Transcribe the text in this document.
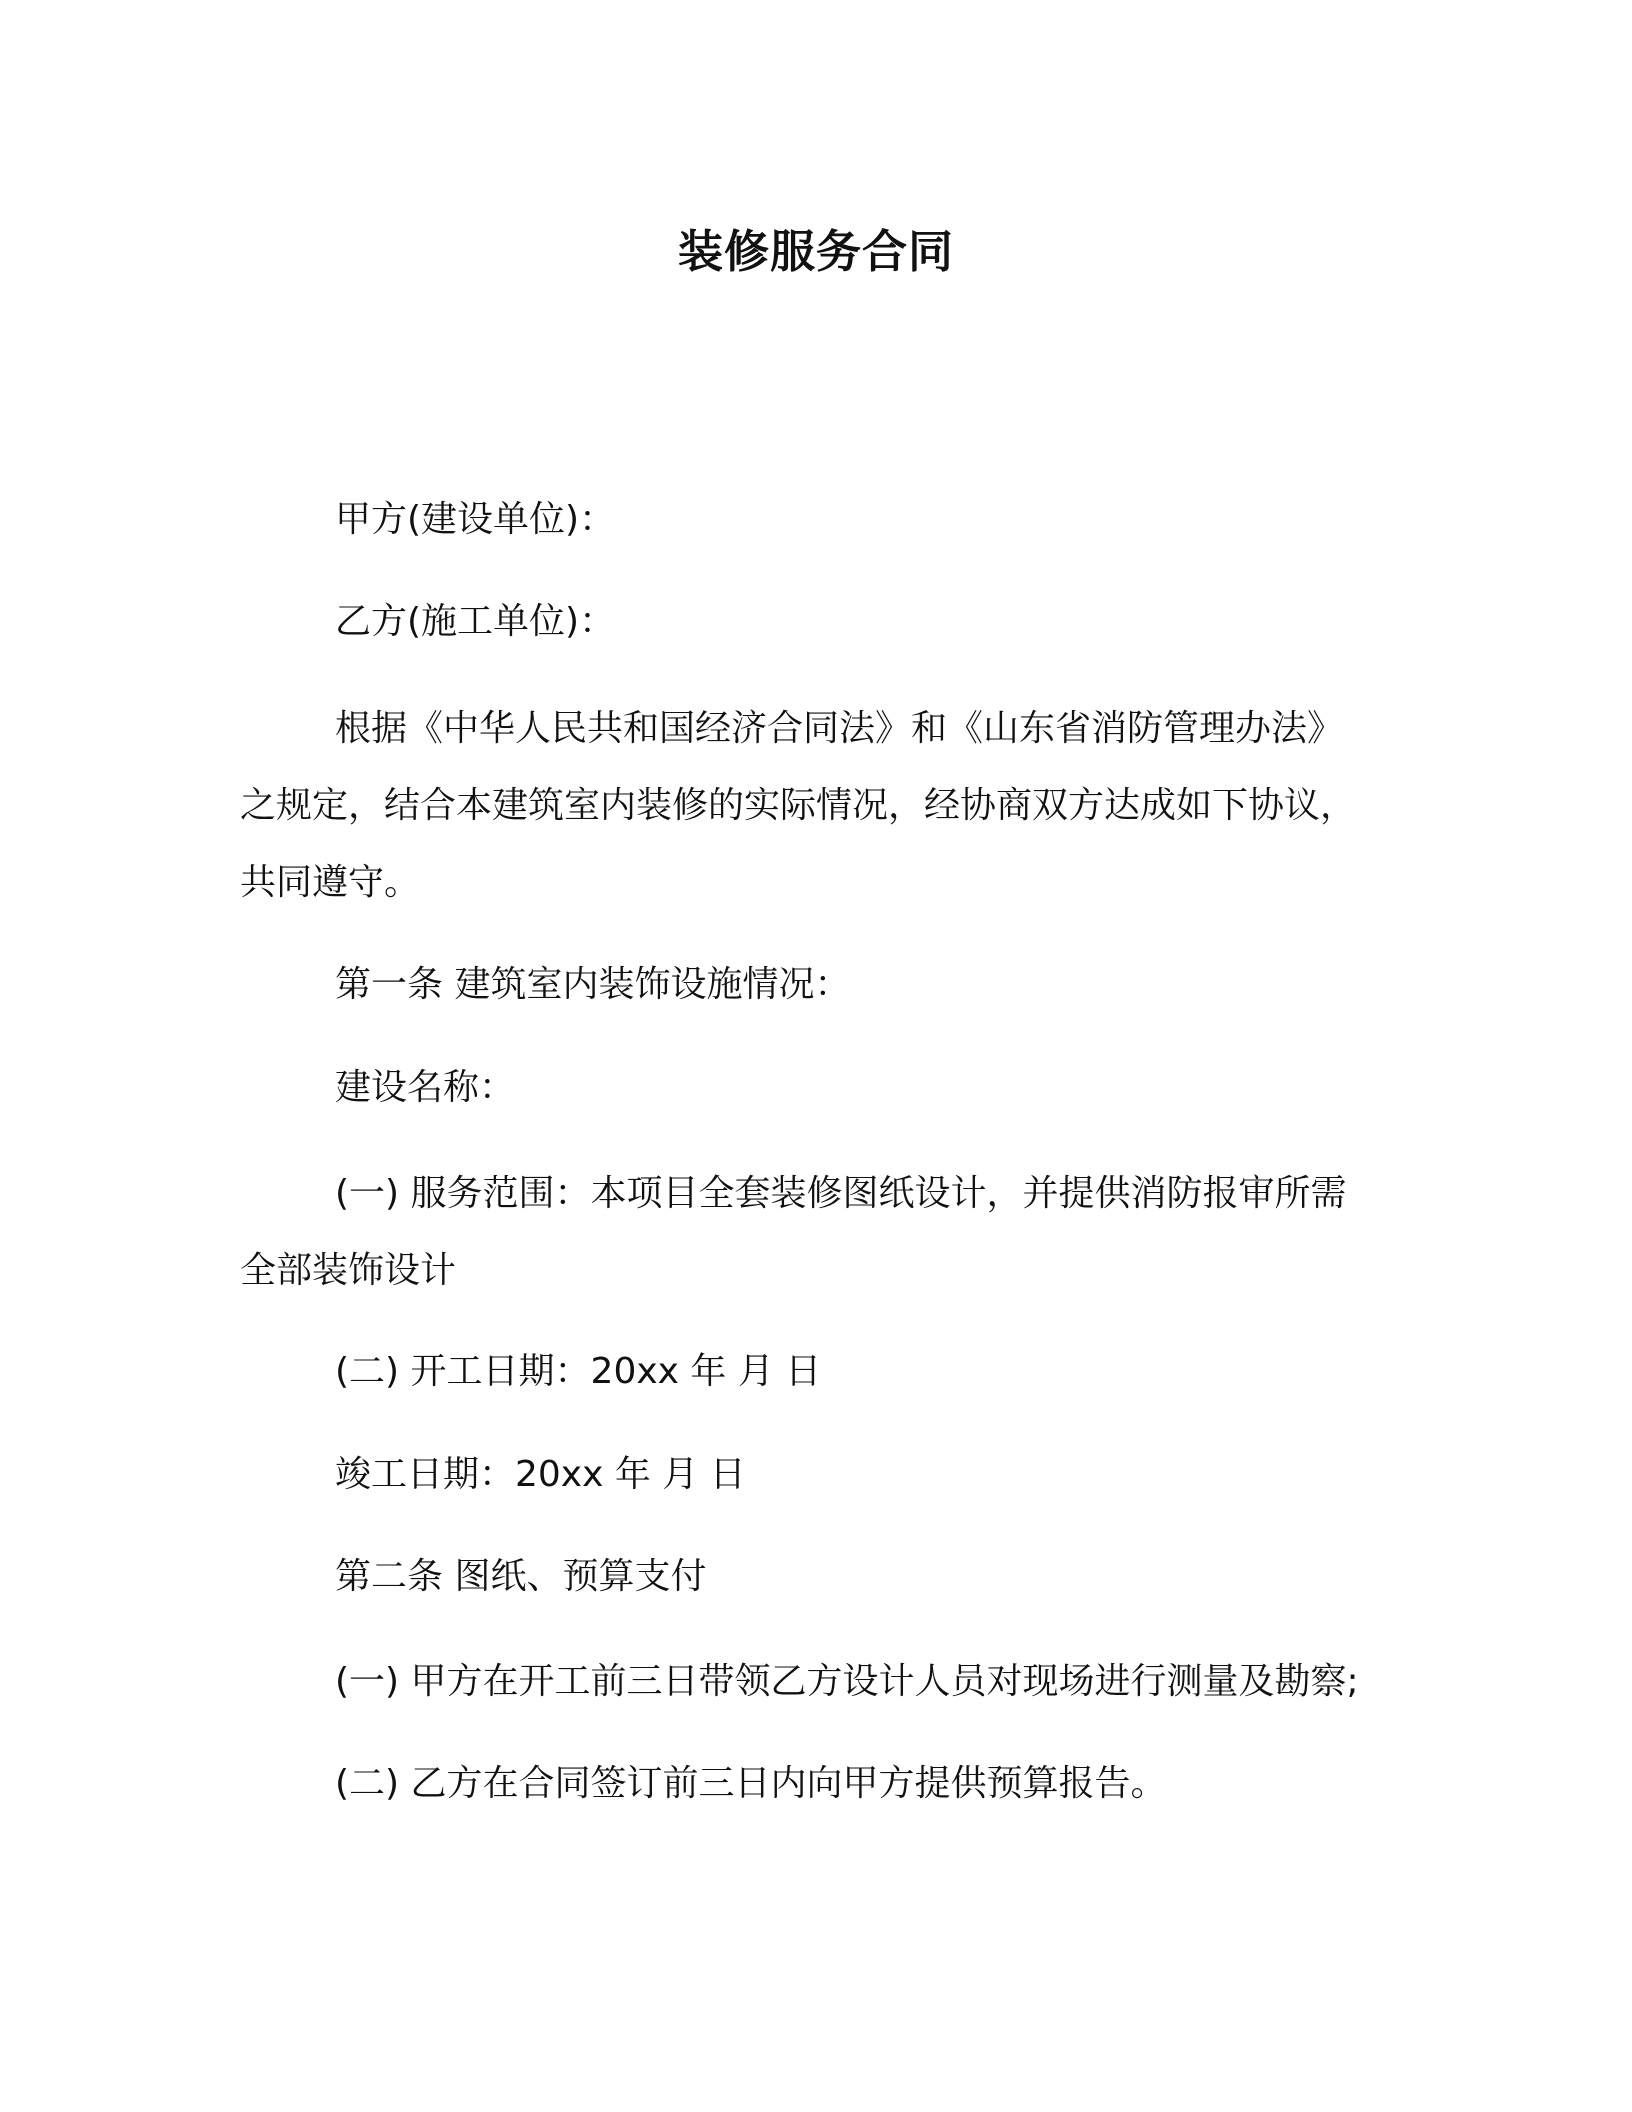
装修服务合同

甲方(建设单位)：

乙方(施工单位)：

根据《中华人民共和国经济合同法》和《山东省消防管理办法》
之规定，结合本建筑室内装修的实际情况，经协商双方达成如下协议，
共同遵守。

第一条 建筑室内装饰设施情况：

建设名称：

(一) 服务范围：本项目全套装修图纸设计，并提供消防报审所需
全部装饰设计

(二) 开工日期：20xx 年 月 日

竣工日期：20xx 年 月 日

第二条 图纸、预算支付

(一) 甲方在开工前三日带领乙方设计人员对现场进行测量及勘察;

(二) 乙方在合同签订前三日内向甲方提供预算报告。
